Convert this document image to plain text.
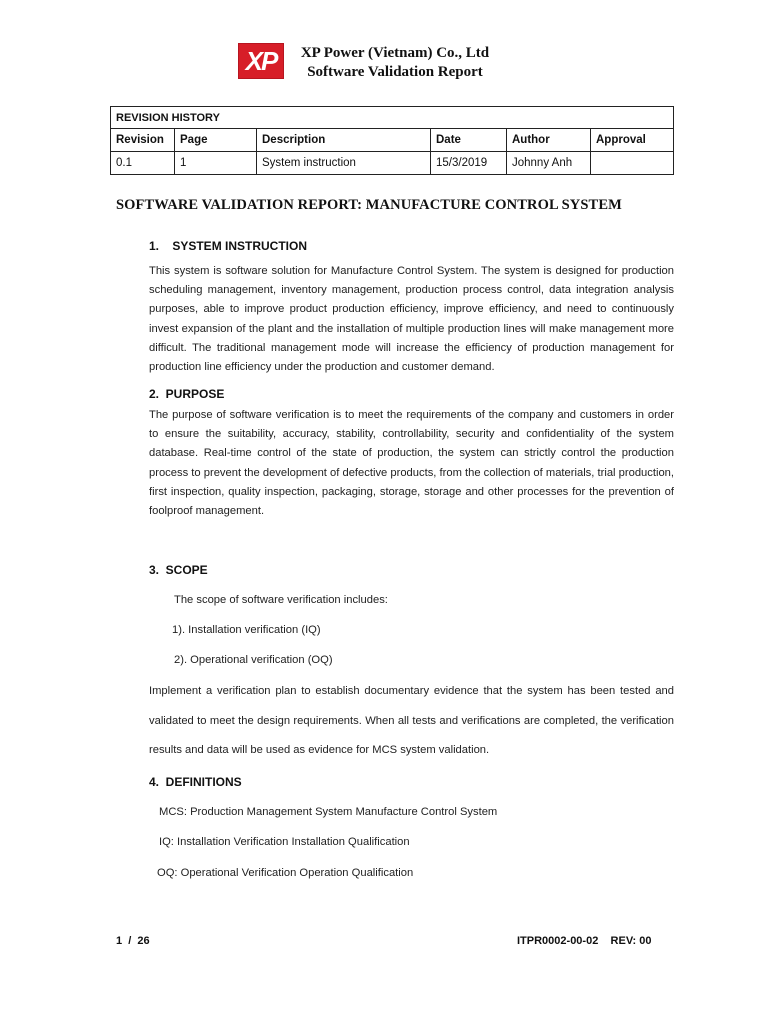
XP	XP Power (Vietnam) Co., Ltd
Software Validation Report
REVISION HISTORY					
Revision	Page	Description	Date	Author	Approval
0.1	1	System instruction	15/3/2019	Johnny Anh	
SOFTWARE VALIDATION REPORT: MANUFACTURE CONTROL SYSTEM
1.    SYSTEM INSTRUCTION
This system is software solution for Manufacture Control System. The system is designed for production scheduling management, inventory management, production process control, data integration analysis purposes, able to improve product production efficiency, improve efficiency, and need to continuously invest expansion of the plant and the installation of multiple production lines will make management more difficult. The traditional management mode will increase the efficiency of production management for production line efficiency under the production and customer demand.
2.  PURPOSE
The purpose of software verification is to meet the requirements of the company and customers in order to ensure the suitability, accuracy, stability, controllability, security and confidentiality of the system database. Real-time control of the state of production, the system can strictly control the production process to prevent the development of defective products, from the collection of materials, trial production, first inspection, quality inspection, packaging, storage, storage and other processes for the prevention of foolproof management.
3.  SCOPE
The scope of software verification includes:
1). Installation verification (IQ)
2). Operational verification (OQ)
Implement a verification plan to establish documentary evidence that the system has been tested and validated to meet the design requirements. When all tests and verifications are completed, the verification results and data will be used as evidence for MCS system validation.
4.  DEFINITIONS
MCS: Production Management System Manufacture Control System
IQ: Installation Verification Installation Qualification
OQ: Operational Verification Operation Qualification
1  /  26	ITPR0002-00-02    REV: 00
